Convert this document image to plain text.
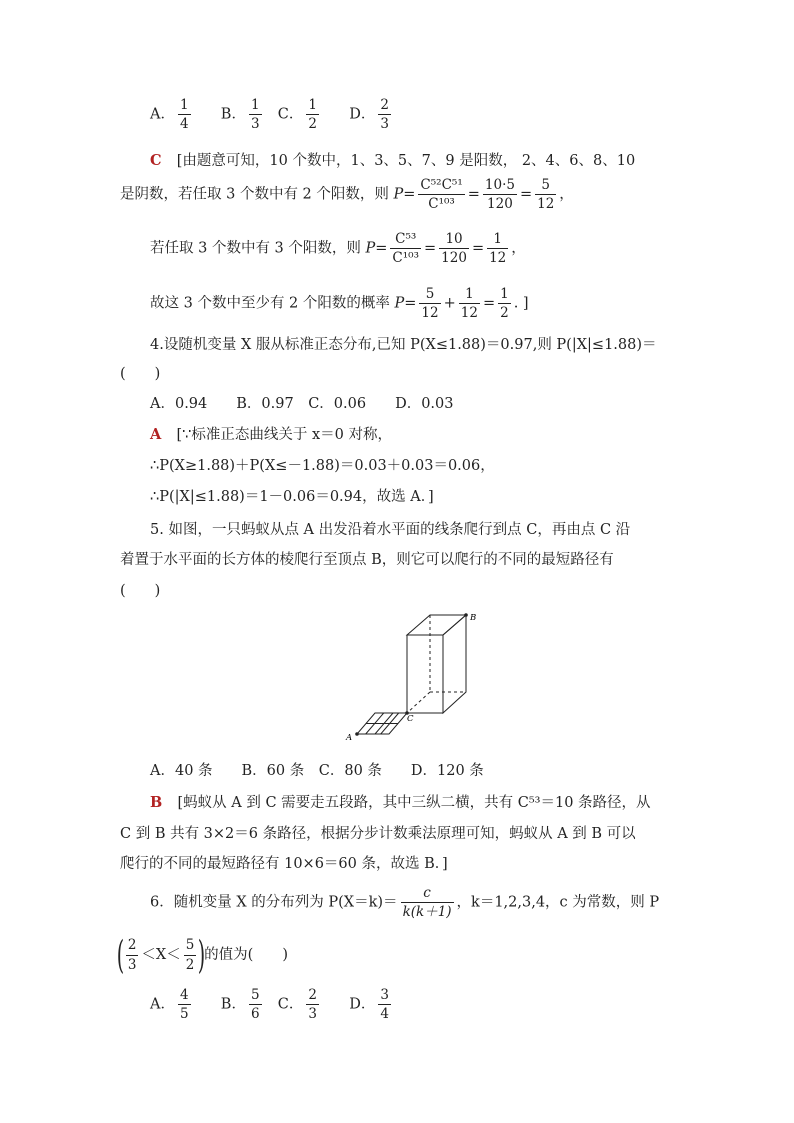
A． $\frac{1}{4}$ B． $\frac{1}{3}$ C． $\frac{1}{2}$ D． $\frac{2}{3}$
C [由题意可知，10 个数中，1、3、5、7、9 是阳数， 2、4、6、8、10
是阴数，若任取 3 个数中有 2 个阳数，则 $P= \frac{\text{C⁵²C⁵¹}}{\text{C¹⁰³}} = \frac{10\cdot 5}{120} = \frac{5}{12}$ ，
若任取 3 个数中有 3 个阳数，则 $P= \frac{\text{C⁵³}}{\text{C¹⁰³}} = \frac{10}{120} = \frac{1}{12}$ ，
故这 3 个数中至少有 2 个阳数的概率 $P= \frac{5}{12} + \frac{1}{12} = \frac{1}{2}$ . ]
4.设随机变量 X 服从标准正态分布,已知 P(X≤1.88)＝0.97,则 P(|X|≤1.88)＝
(　　)
A．0.94　　B．0.97　C．0.06　　D．0.03
A [∵标准正态曲线关于 x＝0 对称，
∴P(X≥1.88)＋P(X≤－1.88)＝0.03＋0.03＝0.06，
∴P(|X|≤1.88)＝1－0.06＝0.94，故选 A．]
5. 如图，一只蚂蚁从点 A 出发沿着水平面的线条爬行到点 C，再由点 C 沿
着置于水平面的长方体的棱爬行至顶点 B，则它可以爬行的不同的最短路径有
(　　)
A
B
C
A．40 条　　B．60 条　C．80 条　　D．120 条
B [蚂蚁从 A 到 C 需要走五段路，其中三纵二横，共有 C⁵³＝10 条路径，从
C 到 B 共有 3×2＝6 条路径，根据分步计数乘法原理可知，蚂蚁从 A 到 B 可以
爬行的不同的最短路径有 10×6＝60 条，故选 B．]
6．随机变量 X 的分布列为 $P(X=k)= \frac{c}{k(k+1)}$ ，k＝1,2,3,4，c 为常数，则 P
( $\frac{2}{3} <X< \frac{5}{2}$ )的值为(　　)
A． $\frac{4}{5}$ B． $\frac{5}{6}$ C． $\frac{2}{3}$ D． $\frac{3}{4}$
